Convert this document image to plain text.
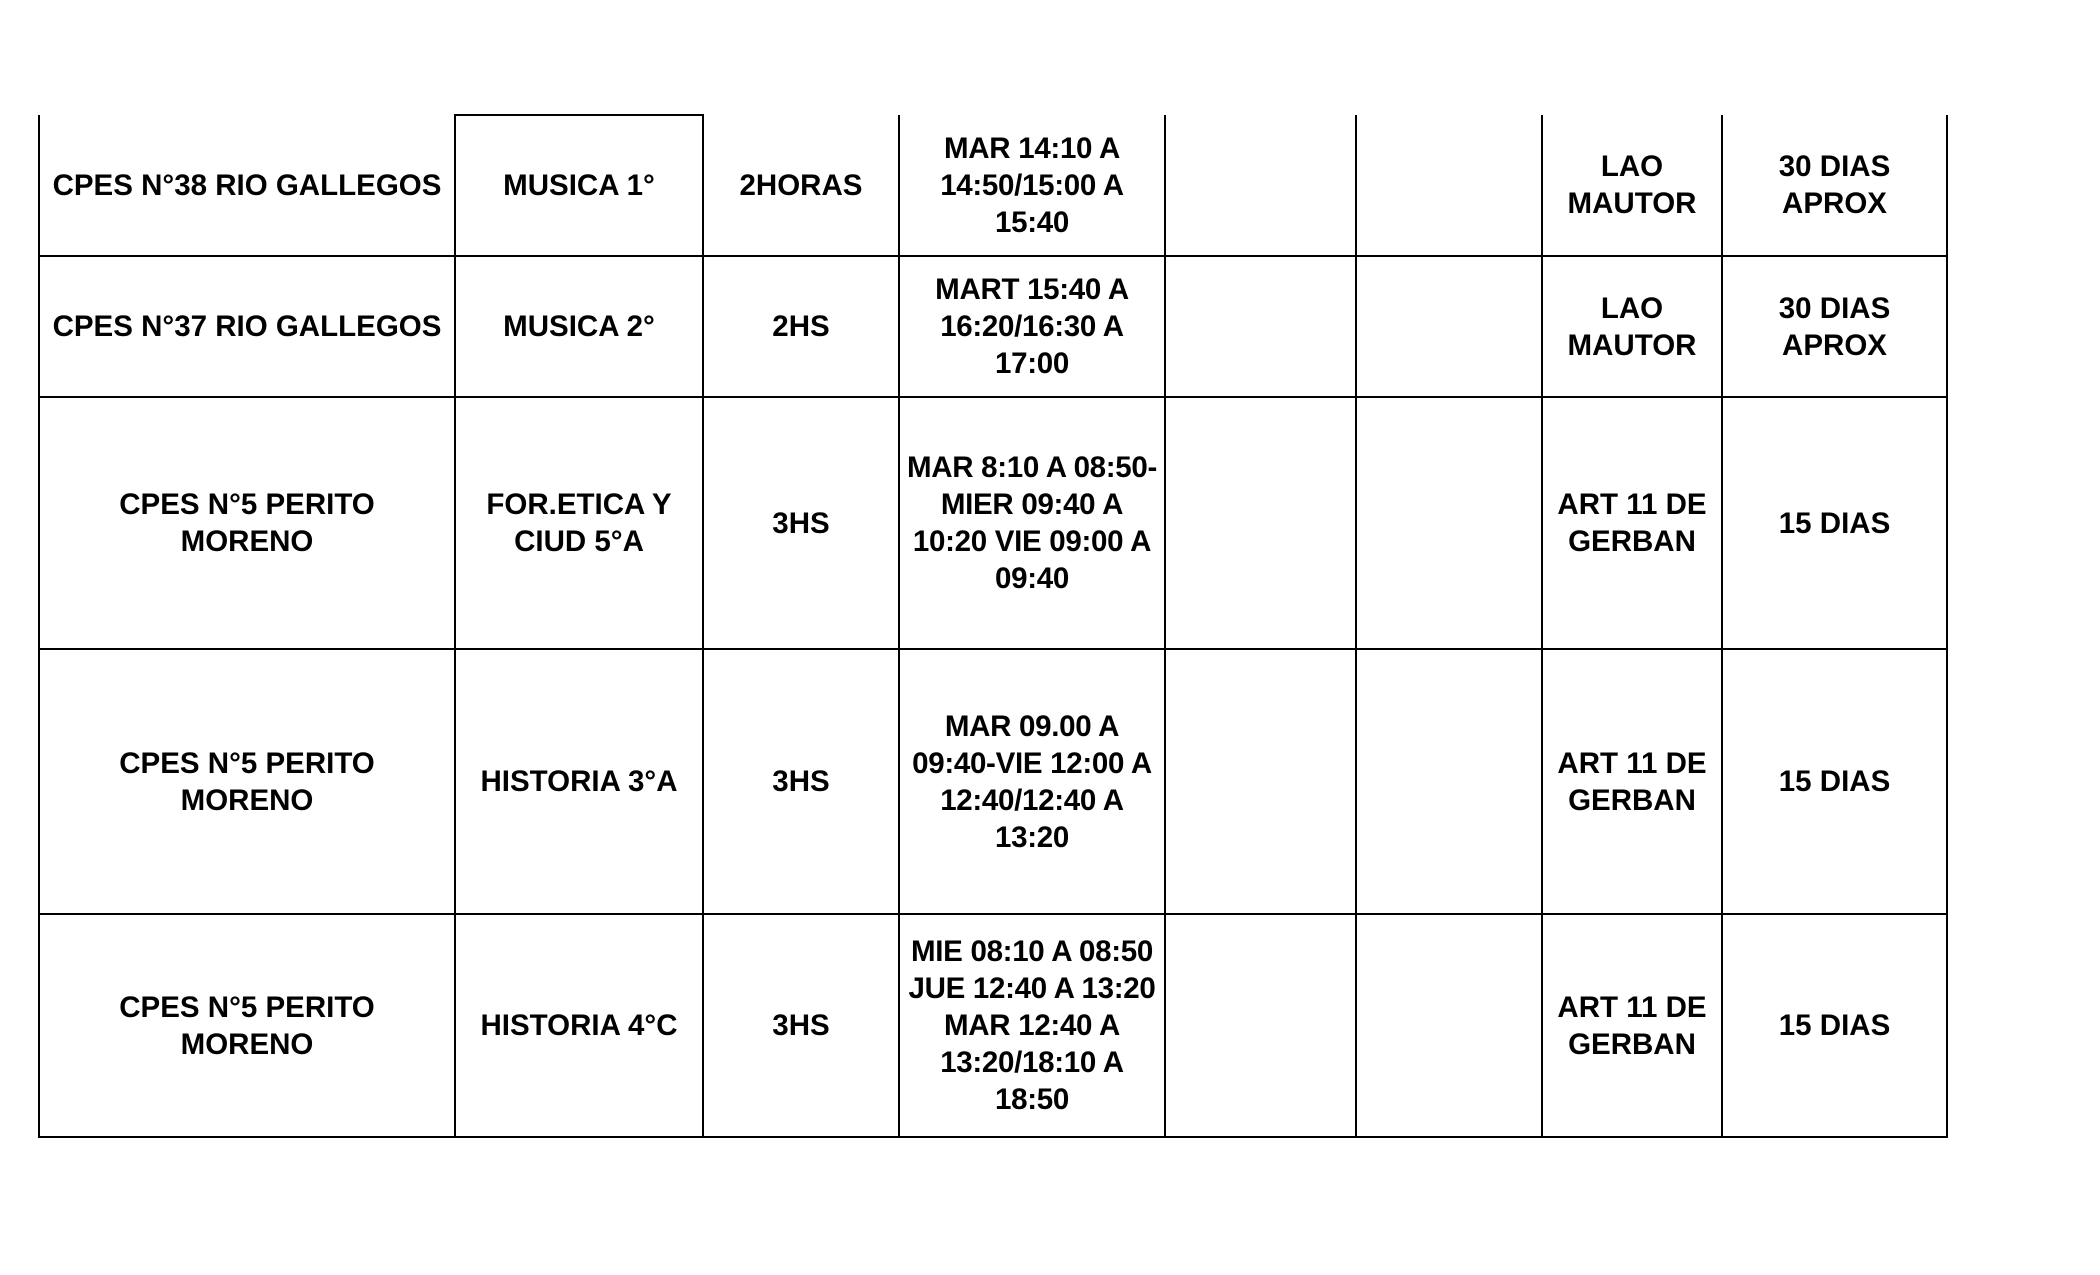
CPES N°38 RIO GALLEGOS	MUSICA 1°	2HORAS	MAR 14:10 A
14:50/15:00 A
15:40			LAO
MAUTOR	30 DIAS
APROX
CPES N°37 RIO GALLEGOS	MUSICA 2°	2HS	MART 15:40 A
16:20/16:30 A
17:00			LAO
MAUTOR	30 DIAS
APROX
CPES N°5 PERITO
MORENO	FOR.ETICA Y
CIUD 5°A	3HS	MAR 8:10 A 08:50-
MIER 09:40 A
10:20 VIE 09:00 A
09:40			ART 11 DE
GERBAN	15 DIAS
CPES N°5 PERITO
MORENO	HISTORIA 3°A	3HS	MAR 09.00 A
09:40-VIE 12:00 A
12:40/12:40 A
13:20			ART 11 DE
GERBAN	15 DIAS
CPES N°5 PERITO
MORENO	HISTORIA 4°C	3HS	MIE 08:10 A 08:50
JUE 12:40 A 13:20
MAR 12:40 A
13:20/18:10 A
18:50			ART 11 DE
GERBAN	15 DIAS
